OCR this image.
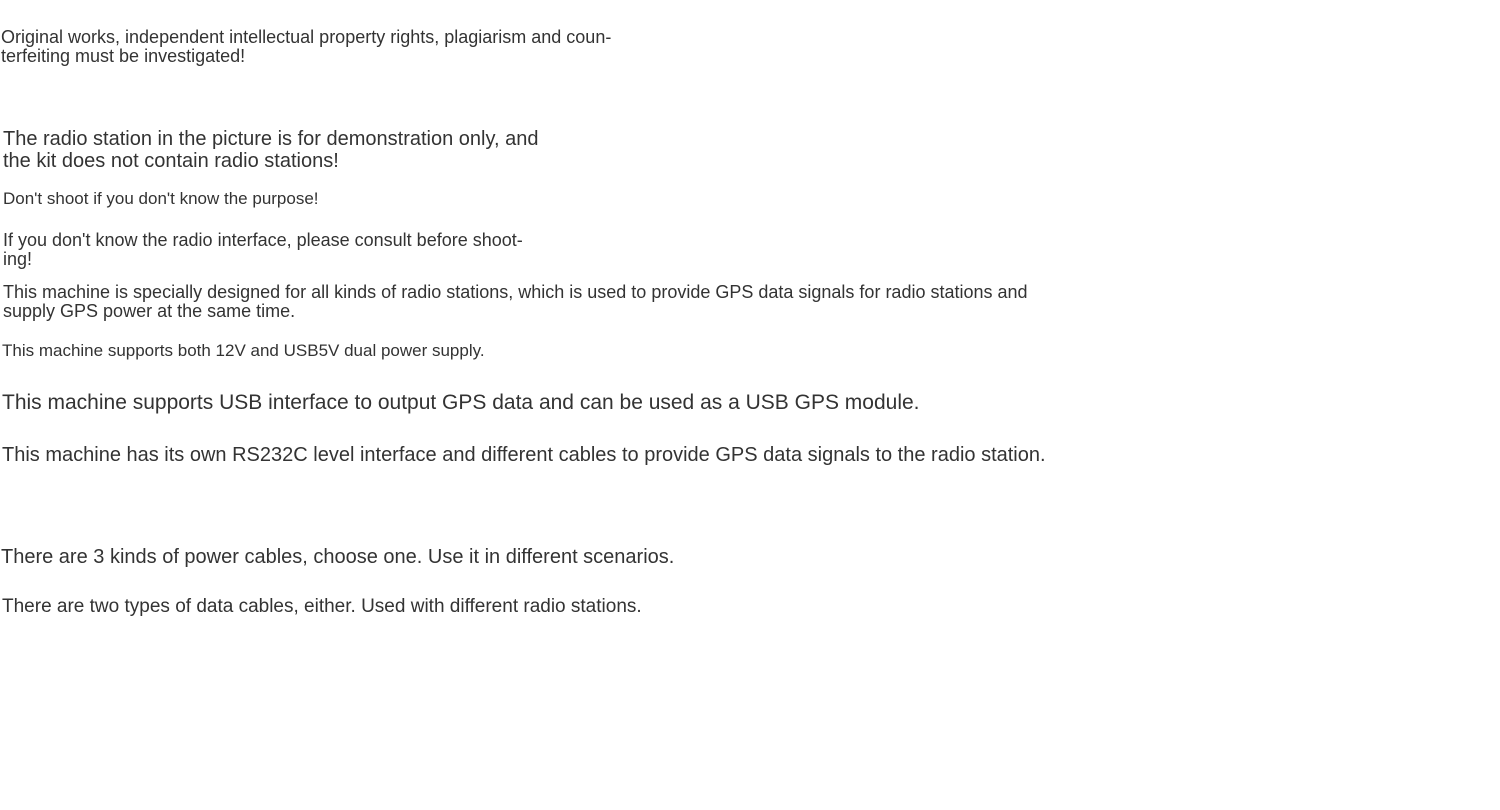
Original works, independent intellectual property rights, plagiarism and coun-terfeiting must be investigated!

The radio station in the picture is for demonstration only, and the kit does not contain radio stations!

Don't shoot if you don't know the purpose!

If you don't know the radio interface, please consult before shoot-ing!

This machine is specially designed for all kinds of radio stations, which is used to provide GPS data signals for radio stations and supply GPS power at the same time.

This machine supports both 12V and USB5V dual power supply.

This machine supports USB interface to output GPS data and can be used as a USB GPS module.

This machine has its own RS232C level interface and different cables to provide GPS data signals to the radio station.

There are 3 kinds of power cables, choose one. Use it in different scenarios.

There are two types of data cables, either. Used with different radio stations.
